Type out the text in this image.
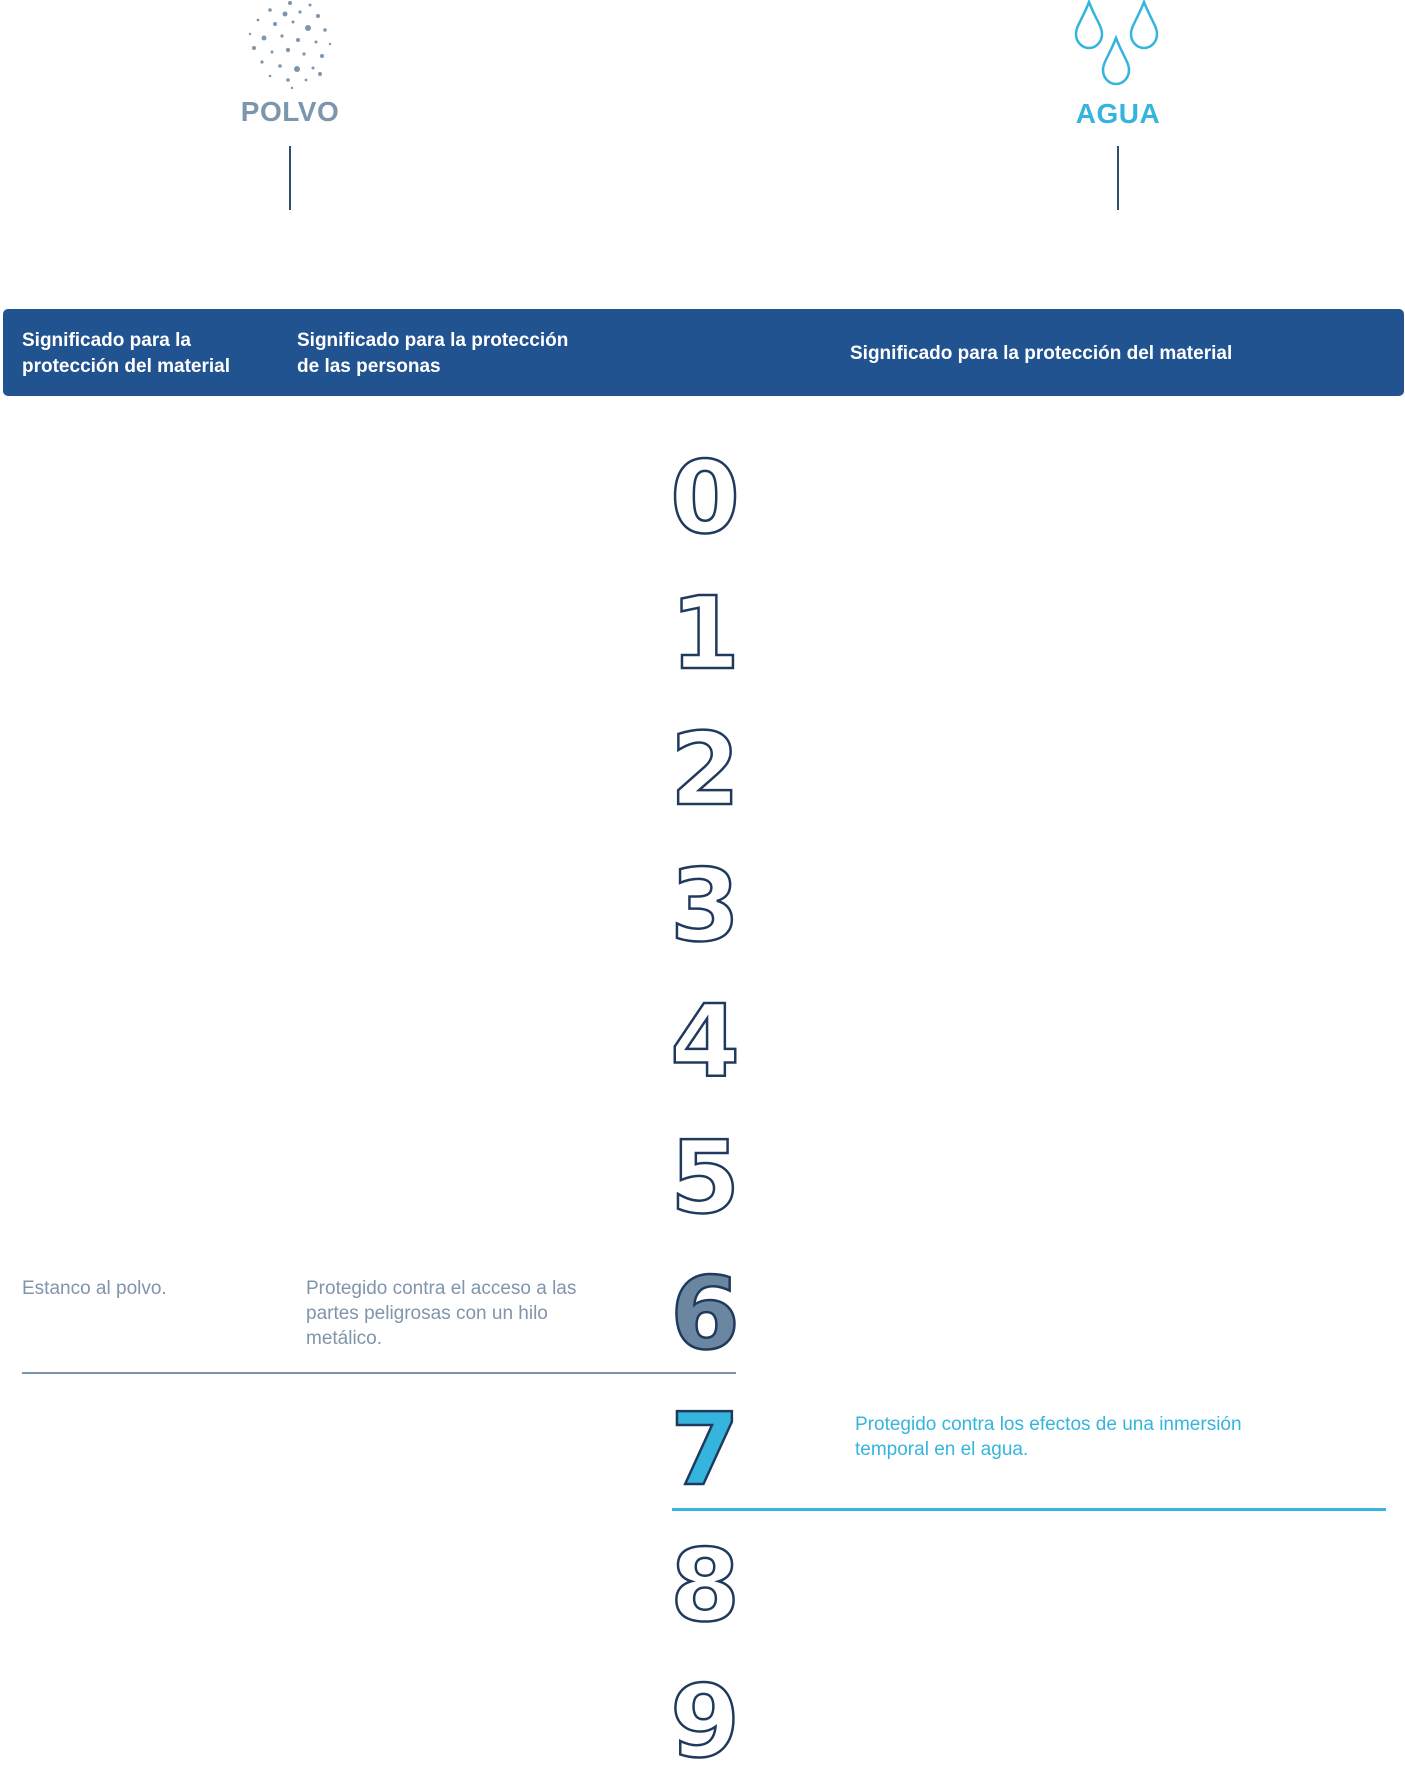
POLVO	AGUA
Significado para la protección del material
Significado para la protección de las personas
Significado para la protección del material
0
1
2
3
4
5
6
7
8
9
Estanco al polvo.	Protegido contra el acceso a las partes peligrosas con un hilo metálico.
Protegido contra los efectos de una inmersión temporal en el agua.
